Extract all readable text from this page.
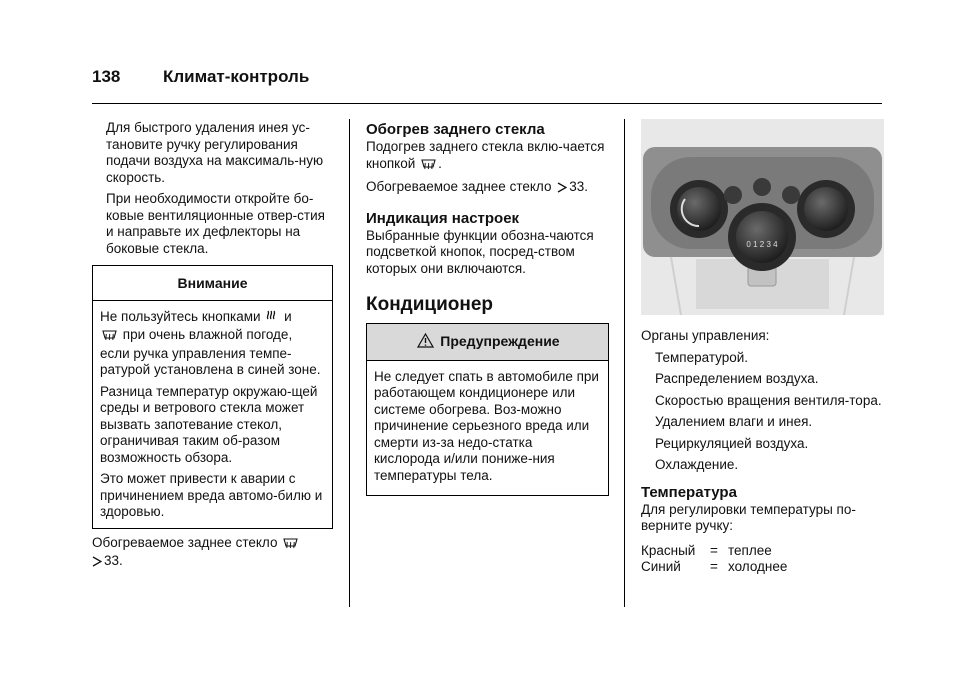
138	Климат-контроль

Для быстрого удаления инея ус-тановите ручку регулирования подачи воздуха на максималь-ную скорость.

При необходимости откройте бо-ковые вентиляционные отвер-стия и направьте их дефлекторы на боковые стекла.

Внимание

Не пользуйтесь кнопками и
при очень влажной погоде, если ручка управления темпе-ратурой установлена в синей зоне.

Разница температур окружаю-щей среды и ветрового стекла может вызвать запотевание стекол, ограничивая таким об-разом возможность обзора.

Это может привести к аварии с причинением вреда автомо-билю и здоровью.

Обогреваемое заднее стекло
33.

Обогрев заднего стекла

Подогрев заднего стекла вклю-чается кнопкой .

Обогреваемое заднее стекло 33.

Индикация настроек

Выбранные функции обозна-чаются подсветкой кнопок, посред-ством которых они включаются.

Кондиционер
Предупреждение

Не следует спать в автомобиле при работающем кондиционере или системе обогрева. Воз-можно причинение серьезного вреда или смерти из-за недо-статка кислорода и/или пониже-ния температуры тела.

0 1 2 3 4

Органы управления:

Температурой.

Распределением воздуха.

Скоростью вращения вентиля-тора.

Удалением влаги и инея.

Рециркуляцией воздуха.

Охлаждение.

Температура

Для регулировки температуры по-верните ручку:

Красный	=	теплее
Синий	=	холоднее
